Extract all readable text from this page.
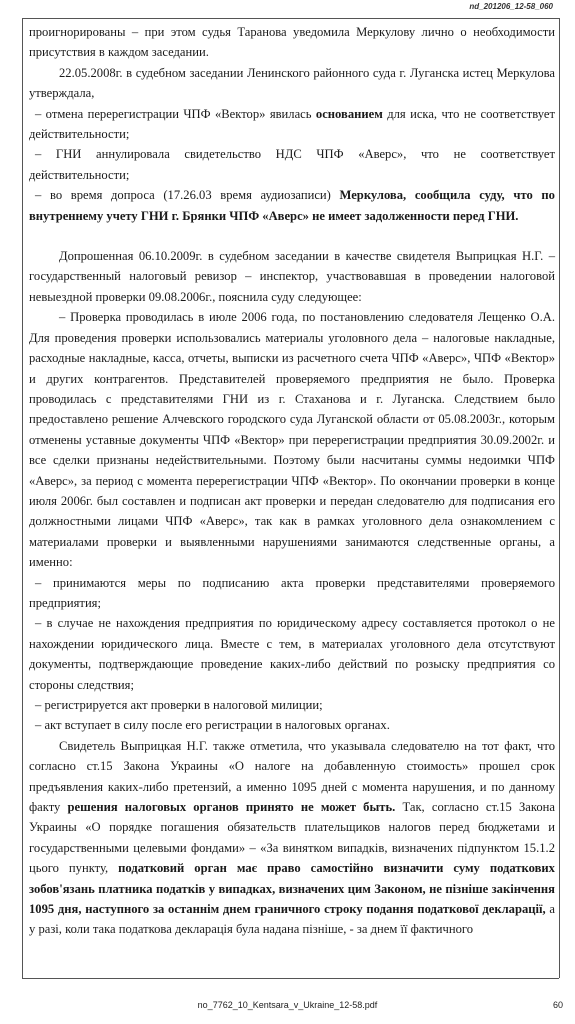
nd_201206_12-58_060

проигнорированы – при этом судья Таранова уведомила Меркулову лично о необходимости присутствия в каждом заседании.

22.05.2008г. в судебном заседании Ленинского районного суда г. Луганска истец Меркулова утверждала,

– отмена перерегистрации ЧПФ «Вектор» явилась основанием для иска, что не соответствует действительности;

– ГНИ аннулировала свидетельство НДС ЧПФ «Аверс», что не соответствует действительности;

– во время допроса (17.26.03 время аудиозаписи) Меркулова, сообщила суду, что по внутреннему учету ГНИ г. Брянки ЧПФ «Аверс» не имеет задолженности перед ГНИ.

Допрошенная 06.10.2009г. в судебном заседании в качестве свидетеля Выприцкая Н.Г. – государственный налоговый ревизор – инспектор, участвовавшая в проведении налоговой невыездной проверки 09.08.2006г., пояснила суду следующее:

– Проверка проводилась в июле 2006 года, по постановлению следователя Лещенко О.А. Для проведения проверки использовались материалы уголовного дела – налоговые накладные, расходные накладные, касса, отчеты, выписки из расчетного счета ЧПФ «Аверс», ЧПФ «Вектор» и других контрагентов. Представителей проверяемого предприятия не было. Проверка проводилась с представителями ГНИ из г. Стаханова и г. Луганска. Следствием было предоставлено решение Алчевского городского суда Луганской области от 05.08.2003г., которым отменены уставные документы ЧПФ «Вектор» при перерегистрации предприятия 30.09.2002г. и все сделки признаны недействительными. Поэтому были насчитаны суммы недоимки ЧПФ «Аверс», за период с момента перерегистрации ЧПФ «Вектор». По окончании проверки в конце июля 2006г. был составлен и подписан акт проверки и передан следователю для подписания его должностными лицами ЧПФ «Аверс», так как в рамках уголовного дела ознакомлением с материалами проверки и выявленными нарушениями занимаются следственные органы, а именно:

– принимаются меры по подписанию акта проверки представителями проверяемого предприятия;

– в случае не нахождения предприятия по юридическому адресу составляется протокол о не нахождении юридического лица. Вместе с тем, в материалах уголовного дела отсутствуют документы, подтверждающие проведение каких-либо действий по розыску предприятия со стороны следствия;

– регистрируется акт проверки в налоговой милиции;

– акт вступает в силу после его регистрации в налоговых органах.

Свидетель Выприцкая Н.Г. также отметила, что указывала следователю на тот факт, что согласно ст.15 Закона Украины «О налоге на добавленную стоимость» прошел срок предъявления каких-либо претензий, а именно 1095 дней с момента нарушения, и по данному факту решения налоговых органов принято не может быть. Так, согласно ст.15 Закона Украины «О порядке погашения обязательств плательщиков налогов перед бюджетами и государственными целевыми фондами» – «За винятком випадків, визначених підпунктом 15.1.2 цього пункту, податковий орган має право самостійно визначити суму податкових зобов'язань платника податків у випадках, визначених цим Законом, не пізніше закінчення 1095 дня, наступного за останнім днем граничного строку подання податкової декларації, а у разі, коли така податкова декларація була надана пізніше, - за днем її фактичного

no_7762_10_Kentsara_v_Ukraine_12-58.pdf	60
